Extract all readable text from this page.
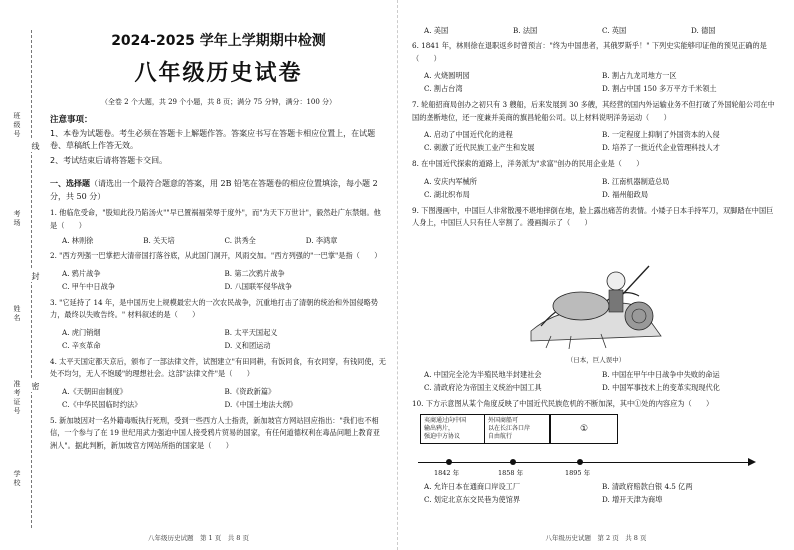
班级号
考场
姓名
准考证号
学校
线
封
密
2024-2025 学年上学期期中检测
八年级历史试卷
（全卷 2 个大题，共 29 个小题，共 8 页；满分 75 分钟，满分：100 分）
注意事项：

1、本卷为试题卷。考生必须在答题卡上解题作答。答案应书写在答题卡相应位置上，在试题卷、草稿纸上作答无效。

2、考试结束后请将答题卡交回。

一、选择题（请选出一个最符合题意的答案，用 2B 铅笔在答题卷的相应位置填涂，每小题 2 分，共 50 分）
1. 他临危受命，"股知此役乃陷汤火""早已置祸福荣辱于度外"，而"为天下万世计"，毅然赴广东禁烟。他是（　　）
A. 林则徐	B. 关天培	C. 洪秀全	D. 李鸿章
2. "西方列强一巴掌把大清帝国打落谷底，从此国门洞开，风雨交加。"西方列强的"一巴掌"是指（　　）
A. 鸦片战争	B. 第二次鸦片战争
C. 甲午中日战争	D. 八国联军侵华战争
3. "它延持了 14 年，是中国历史上规模最宏大的一次农民战争，沉重地打击了清朝的统治和外国侵略势力，最终以失败告终。" 材料叙述的是（　　）
A. 虎门销烟	B. 太平天国起义
C. 辛亥革命	D. 义和团运动
4. 太平天国定都天京后，颁布了一部法律文件，试图建立"有田同耕，有饭同食，有衣同穿，有钱同使，无处不均匀，无人不饱暖"的理想社会。这部"法律文件"是（　　）
A.《天朝田亩制度》	B.《资政新篇》
C.《中华民国临时约法》	D.《中国土地法大纲》
5. 新加坡因对一名外籍毒贩执行死刑，受到一些西方人士指责，新加坡官方网站回应指出："我们也不相信，一个参与了在 19 世纪用武力强迫中国人接受鸦片贸易的国家，有任何道德权利在毒品问题上教育亚洲人"。据此判断，新加坡官方网站所指的国家是（　　）
八年级历史试题　第 1 页　共 8 页
A. 美国	B. 法国	C. 英国	D. 德国
6. 1841 年，林则徐在退职返乡时曾预言："终为中国患者，其俄罗斯乎！" 下列史实能够印证他的预见正确的是（　　）
A. 火烧圆明园	B. 割占九龙司地方一区
C. 割占台湾	D. 割占中国 150 多万平方千米领土
7. 轮船招商局创办之初只有 3 艘船，后来发展到 30 多艘，其经营的国内外运输业务不但打破了外国轮船公司在中国的垄断地位，还一度兼并美商的旗昌轮船公司。以上材料说明洋务运动（　　）
A. 启动了中国近代化的进程	B. 一定程度上抑制了外国资本的入侵
C. 刺激了近代民族工业产生和发展	D. 培养了一批近代企业管理科技人才
8. 在中国近代探索的道路上，洋务派为"求富"创办的民用企业是（　　）
A. 安庆内军械所	B. 江南机器制造总局
C. 湖北织布局	D. 福州船政局
9. 下图漫画中，中国巨人非常散漫不堪地摔倒在地，脸上露出痛苦的表情。小矮子日本手持军刀，双脚踏在中国巨人身上，中国巨人只有任人宰割了。漫画揭示了（　　）
（日本，巨人误中）
A. 中国完全沦为半殖民地半封建社会	B. 中国在甲午中日战争中失败的命运
C. 清政府沦为帝国主义统治中国工具	D. 中国军事技术上的变革实现现代化
10. 下方示意图从某个角度反映了中国近代民族危机的不断加深，其中①处的内容应为（　　）
夷商通过向中国
输出鸦片，
强迫中方协议
外国商船可
以在长江各口岸
自由航行
①
1842 年	1858 年	1895 年
A. 允许日本在通商口岸设工厂	B. 清政府赔款白银 4.5 亿两
C. 划定北京东交民巷为使馆界	D. 增开天津为商埠
八年级历史试题　第 2 页　共 8 页
